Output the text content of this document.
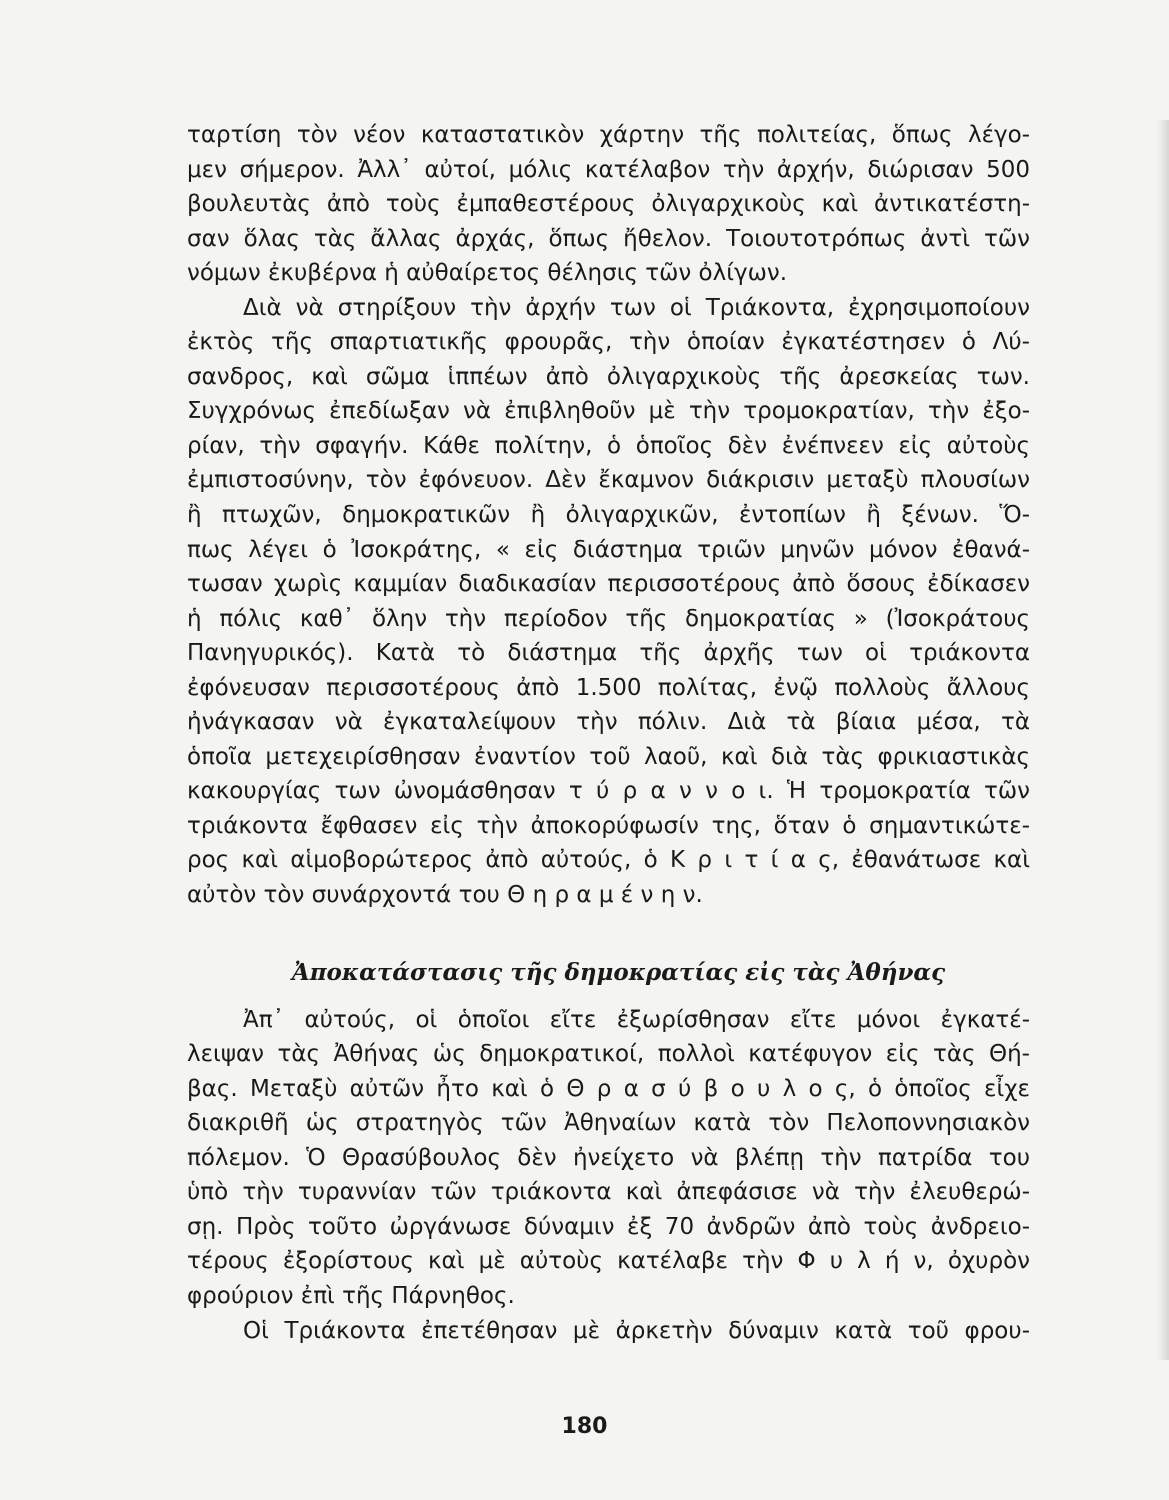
ταρτίση τὸν νέον καταστατικὸν χάρτην τῆς πολιτείας, ὅπως λέγο-
μεν σήμερον. Ἀλλ᾽ αὐτοί, μόλις κατέλαβον τὴν ἀρχήν, διώρισαν 500
βουλευτὰς ἀπὸ τοὺς ἐμπαθεστέρους ὀλιγαρχικοὺς καὶ ἀντικατέστη-
σαν ὅλας τὰς ἄλλας ἀρχάς, ὅπως ἤθελον. Τοιουτοτρόπως ἀντὶ τῶν
νόμων ἐκυβέρνα ἡ αὐθαίρετος θέλησις τῶν ὀλίγων.
Διὰ νὰ στηρίξουν τὴν ἀρχήν των οἱ Τριάκοντα, ἐχρησιμοποίουν
ἐκτὸς τῆς σπαρτιατικῆς φρουρᾶς, τὴν ὁποίαν ἐγκατέστησεν ὁ Λύ-
σανδρος, καὶ σῶμα ἱππέων ἀπὸ ὀλιγαρχικοὺς τῆς ἀρεσκείας των.
Συγχρόνως ἐπεδίωξαν νὰ ἐπιβληθοῦν μὲ τὴν τρομοκρατίαν, τὴν ἐξο-
ρίαν, τὴν σφαγήν. Κάθε πολίτην, ὁ ὁποῖος δὲν ἐνέπνεεν εἰς αὐτοὺς
ἐμπιστοσύνην, τὸν ἐφόνευον. Δὲν ἔκαμνον διάκρισιν μεταξὺ πλουσίων
ἢ πτωχῶν, δημοκρατικῶν ἢ ὀλιγαρχικῶν, ἐντοπίων ἢ ξένων. Ὅ-
πως λέγει ὁ Ἰσοκράτης, « εἰς διάστημα τριῶν μηνῶν μόνον ἐθανά-
τωσαν χωρὶς καμμίαν διαδικασίαν περισσοτέρους ἀπὸ ὅσους ἐδίκασεν
ἡ πόλις καθ᾽ ὅλην τὴν περίοδον τῆς δημοκρατίας » (Ἰσοκράτους
Πανηγυρικός). Κατὰ τὸ διάστημα τῆς ἀρχῆς των οἱ τριάκοντα
ἐφόνευσαν περισσοτέρους ἀπὸ 1.500 πολίτας, ἐνῷ πολλοὺς ἄλλους
ἠνάγκασαν νὰ ἐγκαταλείψουν τὴν πόλιν. Διὰ τὰ βίαια μέσα, τὰ
ὁποῖα μετεχειρίσθησαν ἐναντίον τοῦ λαοῦ, καὶ διὰ τὰς φρικιαστικὰς
κακουργίας των ὠνομάσθησαν τ ύ ρ α ν ν ο ι. Ἡ τρομοκρατία τῶν
τριάκοντα ἔφθασεν εἰς τὴν ἀποκορύφωσίν της, ὅταν ὁ σημαντικώτε-
ρος καὶ αἱμοβορώτερος ἀπὸ αὐτούς, ὁ Κ ρ ι τ ί α ς, ἐθανάτωσε καὶ
αὐτὸν τὸν συνάρχοντά του Θ η ρ α μ έ ν η ν.
Ἀποκατάστασις τῆς δημοκρατίας εἰς τὰς Ἀθήνας
Ἀπ᾽ αὐτούς, οἱ ὁποῖοι εἴτε ἐξωρίσθησαν εἴτε μόνοι ἐγκατέ-
λειψαν τὰς Ἀθήνας ὡς δημοκρατικοί, πολλοὶ κατέφυγον εἰς τὰς Θή-
βας. Μεταξὺ αὐτῶν ἦτο καὶ ὁ Θ ρ α σ ύ β ο υ λ ο ς, ὁ ὁποῖος εἶχε
διακριθῆ ὡς στρατηγὸς τῶν Ἀθηναίων κατὰ τὸν Πελοποννησιακὸν
πόλεμον. Ὁ Θρασύβουλος δὲν ἠνείχετο νὰ βλέπῃ τὴν πατρίδα του
ὑπὸ τὴν τυραννίαν τῶν τριάκοντα καὶ ἀπεφάσισε νὰ τὴν ἐλευθερώ-
σῃ. Πρὸς τοῦτο ὠργάνωσε δύναμιν ἐξ 70 ἀνδρῶν ἀπὸ τοὺς ἀνδρειο-
τέρους ἐξορίστους καὶ μὲ αὐτοὺς κατέλαβε τὴν Φ υ λ ή ν, ὀχυρὸν
φρούριον ἐπὶ τῆς Πάρνηθος.
Οἱ Τριάκοντα ἐπετέθησαν μὲ ἀρκετὴν δύναμιν κατὰ τοῦ φρου-
180
